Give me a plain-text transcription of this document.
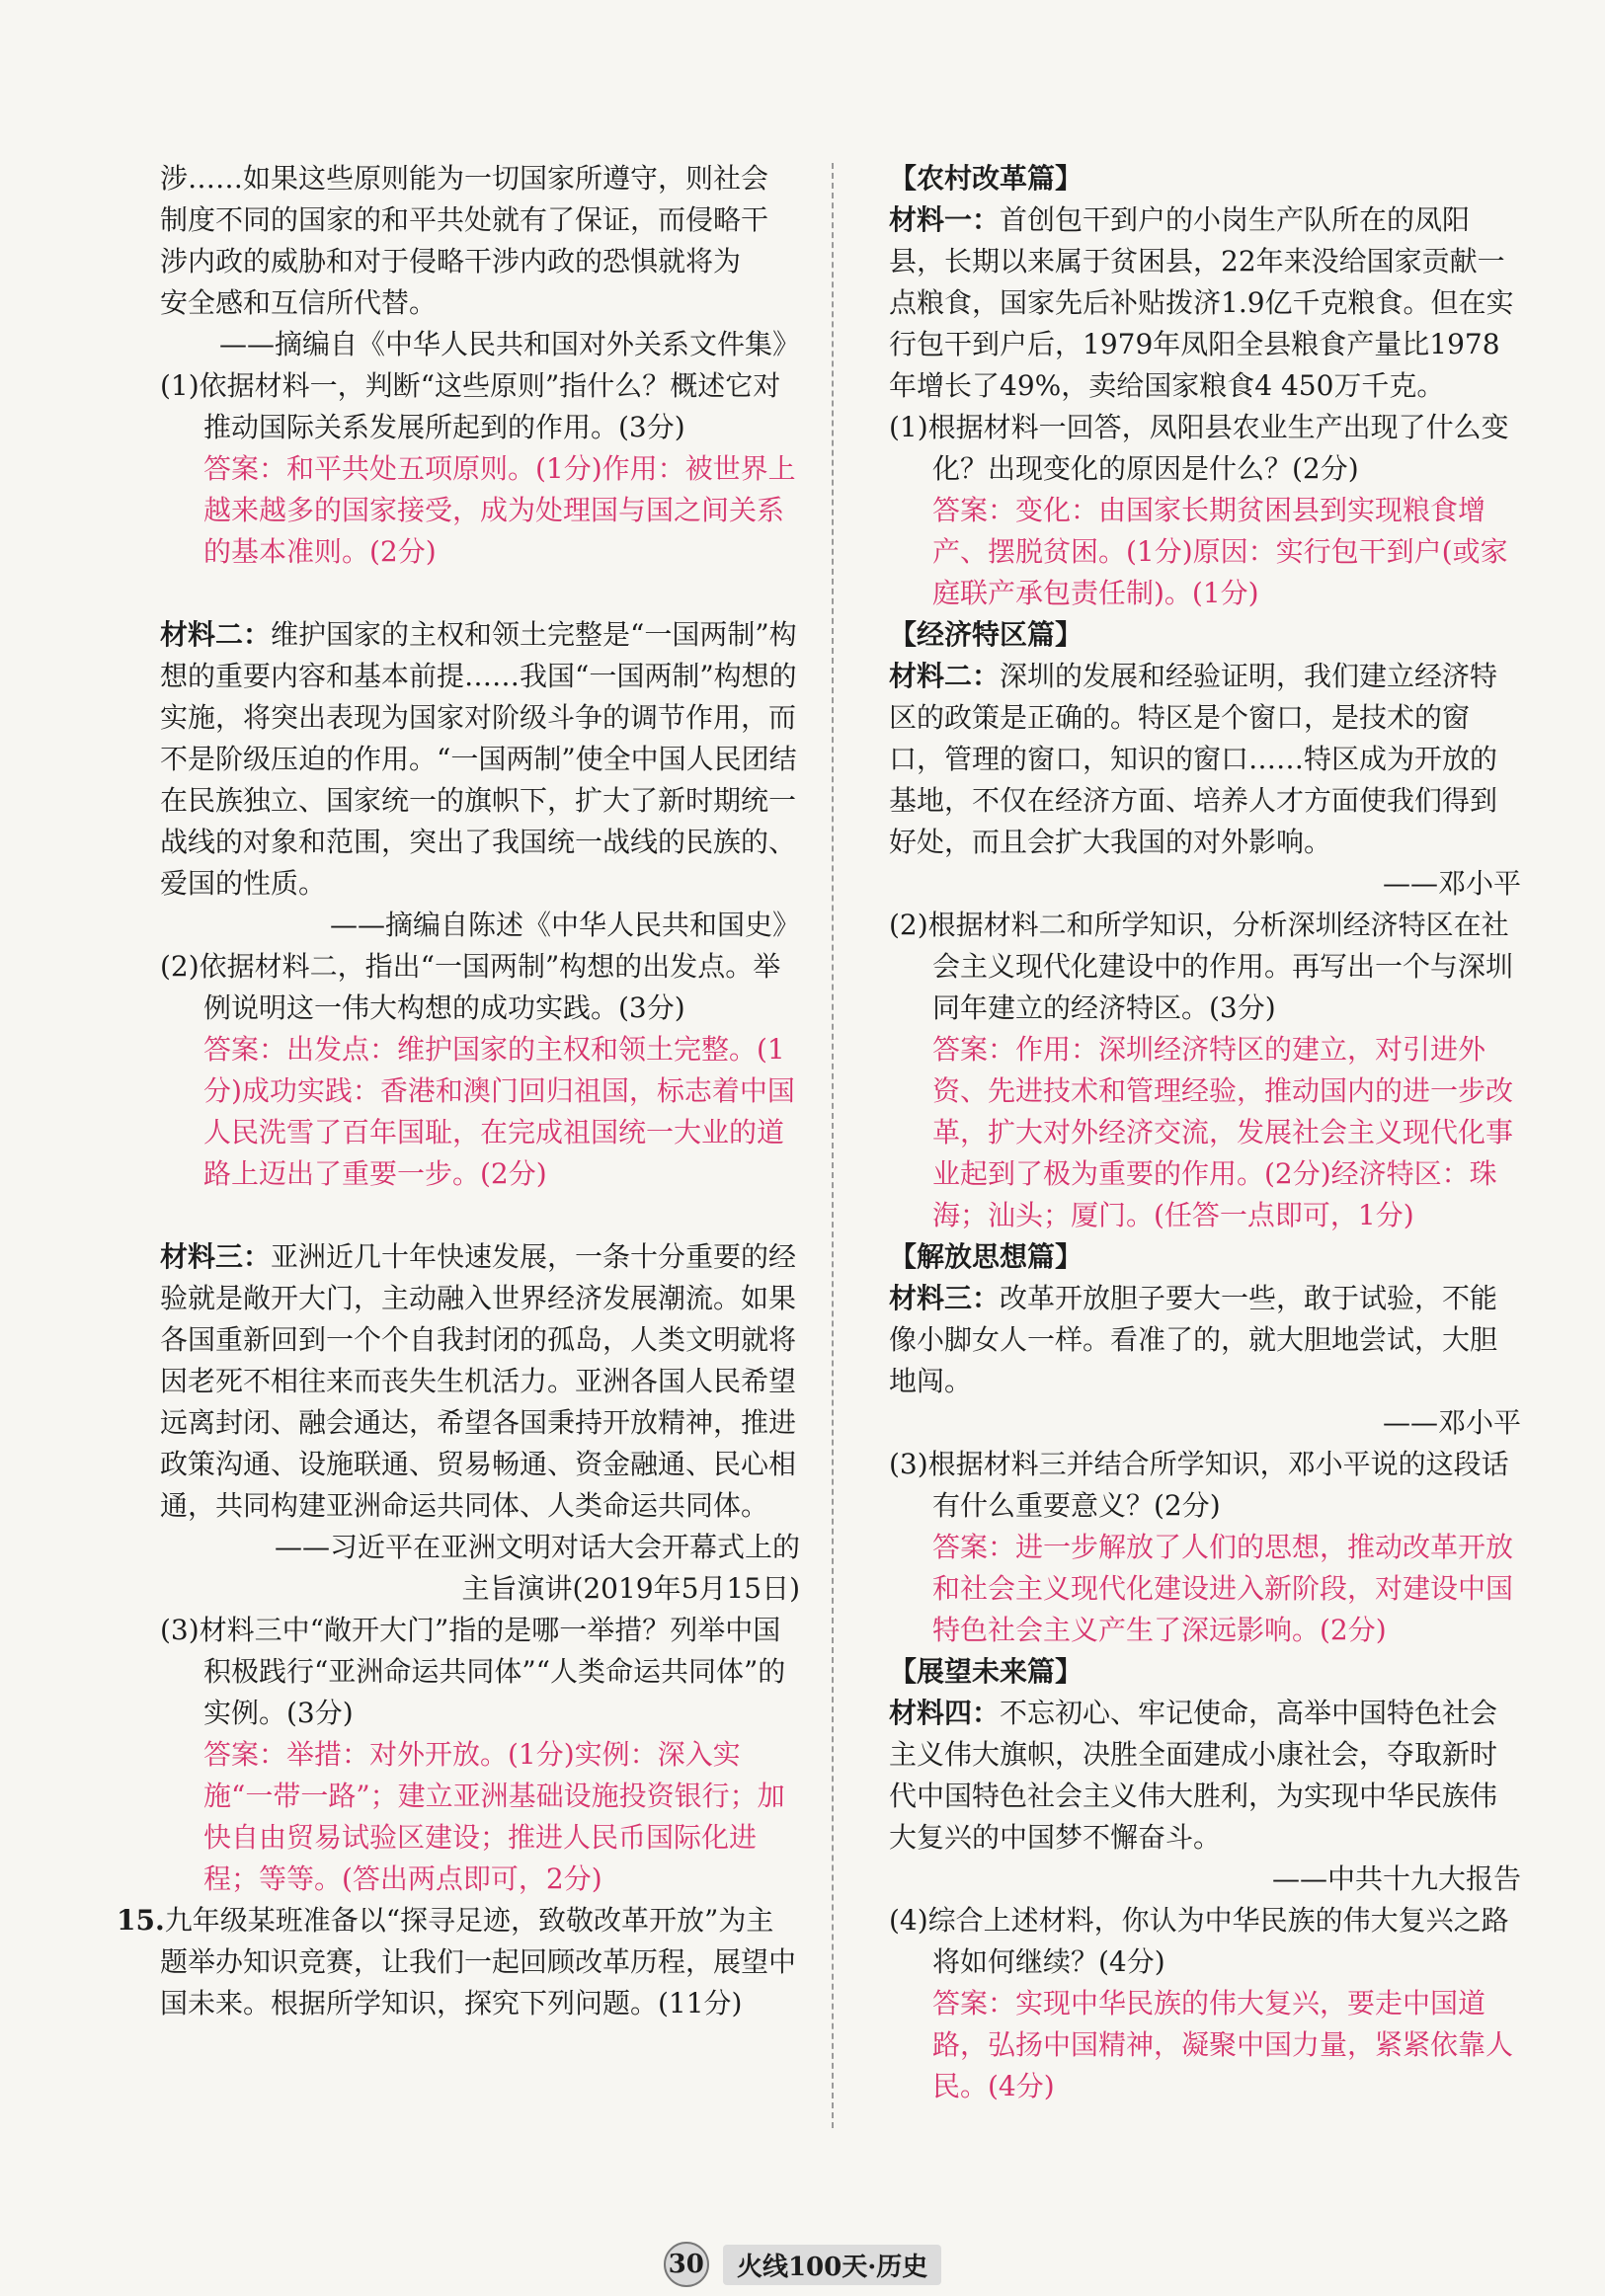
涉……如果这些原则能为一切国家所遵守，则社会

制度不同的国家的和平共处就有了保证，而侵略干

涉内政的威胁和对于侵略干涉内政的恐惧就将为

安全感和互信所代替。

——摘编自《中华人民共和国对外关系文件集》

(1)依据材料一，判断“这些原则”指什么？概述它对推动国际关系发展所起到的作用。(3分)

答案：和平共处五项原则。(1分)作用：被世界上越来越多的国家接受，成为处理国与国之间关系的基本准则。(2分)

材料二：维护国家的主权和领土完整是“一国两制”构想的重要内容和基本前提……我国“一国两制”构想的实施，将突出表现为国家对阶级斗争的调节作用，而不是阶级压迫的作用。“一国两制”使全中国人民团结在民族独立、国家统一的旗帜下，扩大了新时期统一战线的对象和范围，突出了我国统一战线的民族的、爱国的性质。

——摘编自陈述《中华人民共和国史》

(2)依据材料二，指出“一国两制”构想的出发点。举例说明这一伟大构想的成功实践。(3分)

答案：出发点：维护国家的主权和领土完整。(1分)成功实践：香港和澳门回归祖国，标志着中国人民洗雪了百年国耻，在完成祖国统一大业的道路上迈出了重要一步。(2分)

材料三：亚洲近几十年快速发展，一条十分重要的经验就是敞开大门，主动融入世界经济发展潮流。如果各国重新回到一个个自我封闭的孤岛，人类文明就将因老死不相往来而丧失生机活力。亚洲各国人民希望远离封闭、融会通达，希望各国秉持开放精神，推进政策沟通、设施联通、贸易畅通、资金融通、民心相通，共同构建亚洲命运共同体、人类命运共同体。

——习近平在亚洲文明对话大会开幕式上的

主旨演讲(2019年5月15日)

(3)材料三中“敞开大门”指的是哪一举措？列举中国积极践行“亚洲命运共同体”“人类命运共同体”的实例。(3分)

答案：举措：对外开放。(1分)实例：深入实施“一带一路”；建立亚洲基础设施投资银行；加快自由贸易试验区建设；推进人民币国际化进程；等等。(答出两点即可，2分)

15.九年级某班准备以“探寻足迹，致敬改革开放”为主题举办知识竞赛，让我们一起回顾改革历程，展望中国未来。根据所学知识，探究下列问题。(11分)

【农村改革篇】

材料一：首创包干到户的小岗生产队所在的凤阳县，长期以来属于贫困县，22年来没给国家贡献一点粮食，国家先后补贴拨济1.9亿千克粮食。但在实行包干到户后，1979年凤阳全县粮食产量比1978年增长了49%，卖给国家粮食4 450万千克。

(1)根据材料一回答，凤阳县农业生产出现了什么变化？出现变化的原因是什么？(2分)

答案：变化：由国家长期贫困县到实现粮食增产、摆脱贫困。(1分)原因：实行包干到户(或家庭联产承包责任制)。(1分)

【经济特区篇】

材料二：深圳的发展和经验证明，我们建立经济特区的政策是正确的。特区是个窗口，是技术的窗口，管理的窗口，知识的窗口……特区成为开放的基地，不仅在经济方面、培养人才方面使我们得到好处，而且会扩大我国的对外影响。

——邓小平

(2)根据材料二和所学知识，分析深圳经济特区在社会主义现代化建设中的作用。再写出一个与深圳同年建立的经济特区。(3分)

答案：作用：深圳经济特区的建立，对引进外资、先进技术和管理经验，推动国内的进一步改革，扩大对外经济交流，发展社会主义现代化事业起到了极为重要的作用。(2分)经济特区：珠海；汕头；厦门。(任答一点即可，1分)

【解放思想篇】

材料三：改革开放胆子要大一些，敢于试验，不能像小脚女人一样。看准了的，就大胆地尝试，大胆地闯。

——邓小平

(3)根据材料三并结合所学知识，邓小平说的这段话有什么重要意义？(2分)

答案：进一步解放了人们的思想，推动改革开放和社会主义现代化建设进入新阶段，对建设中国特色社会主义产生了深远影响。(2分)

【展望未来篇】

材料四：不忘初心、牢记使命，高举中国特色社会主义伟大旗帜，决胜全面建成小康社会，夺取新时代中国特色社会主义伟大胜利，为实现中华民族伟大复兴的中国梦不懈奋斗。

——中共十九大报告

(4)综合上述材料，你认为中华民族的伟大复兴之路将如何继续？(4分)

答案：实现中华民族的伟大复兴，要走中国道路，弘扬中国精神，凝聚中国力量，紧紧依靠人民。(4分)

30 火线100天·历史
